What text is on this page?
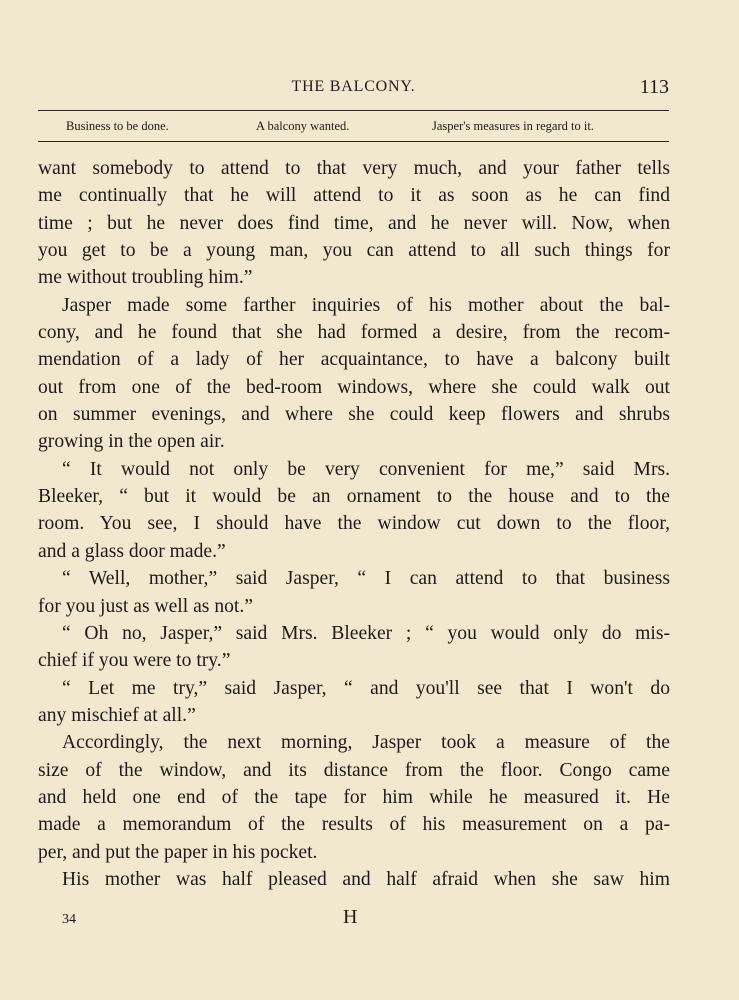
THE BALCONY.	113
Business to be done.	A balcony wanted.	Jasper's measures in regard to it.
want somebody to attend to that very much, and your father tells
me continually that he will attend to it as soon as he can find
time ; but he never does find time, and he never will. Now, when
you get to be a young man, you can attend to all such things for
me without troubling him.”
Jasper made some farther inquiries of his mother about the bal-
cony, and he found that she had formed a desire, from the recom-
mendation of a lady of her acquaintance, to have a balcony built
out from one of the bed-room windows, where she could walk out
on summer evenings, and where she could keep flowers and shrubs
growing in the open air.
“ It would not only be very convenient for me,” said Mrs.
Bleeker, “ but it would be an ornament to the house and to the
room. You see, I should have the window cut down to the floor,
and a glass door made.”
“ Well, mother,” said Jasper, “ I can attend to that business
for you just as well as not.”
“ Oh no, Jasper,” said Mrs. Bleeker ; “ you would only do mis-
chief if you were to try.”
“ Let me try,” said Jasper, “ and you'll see that I won't do
any mischief at all.”
Accordingly, the next morning, Jasper took a measure of the
size of the window, and its distance from the floor. Congo came
and held one end of the tape for him while he measured it. He
made a memorandum of the results of his measurement on a pa-
per, and put the paper in his pocket.
His mother was half pleased and half afraid when she saw him
34	H
